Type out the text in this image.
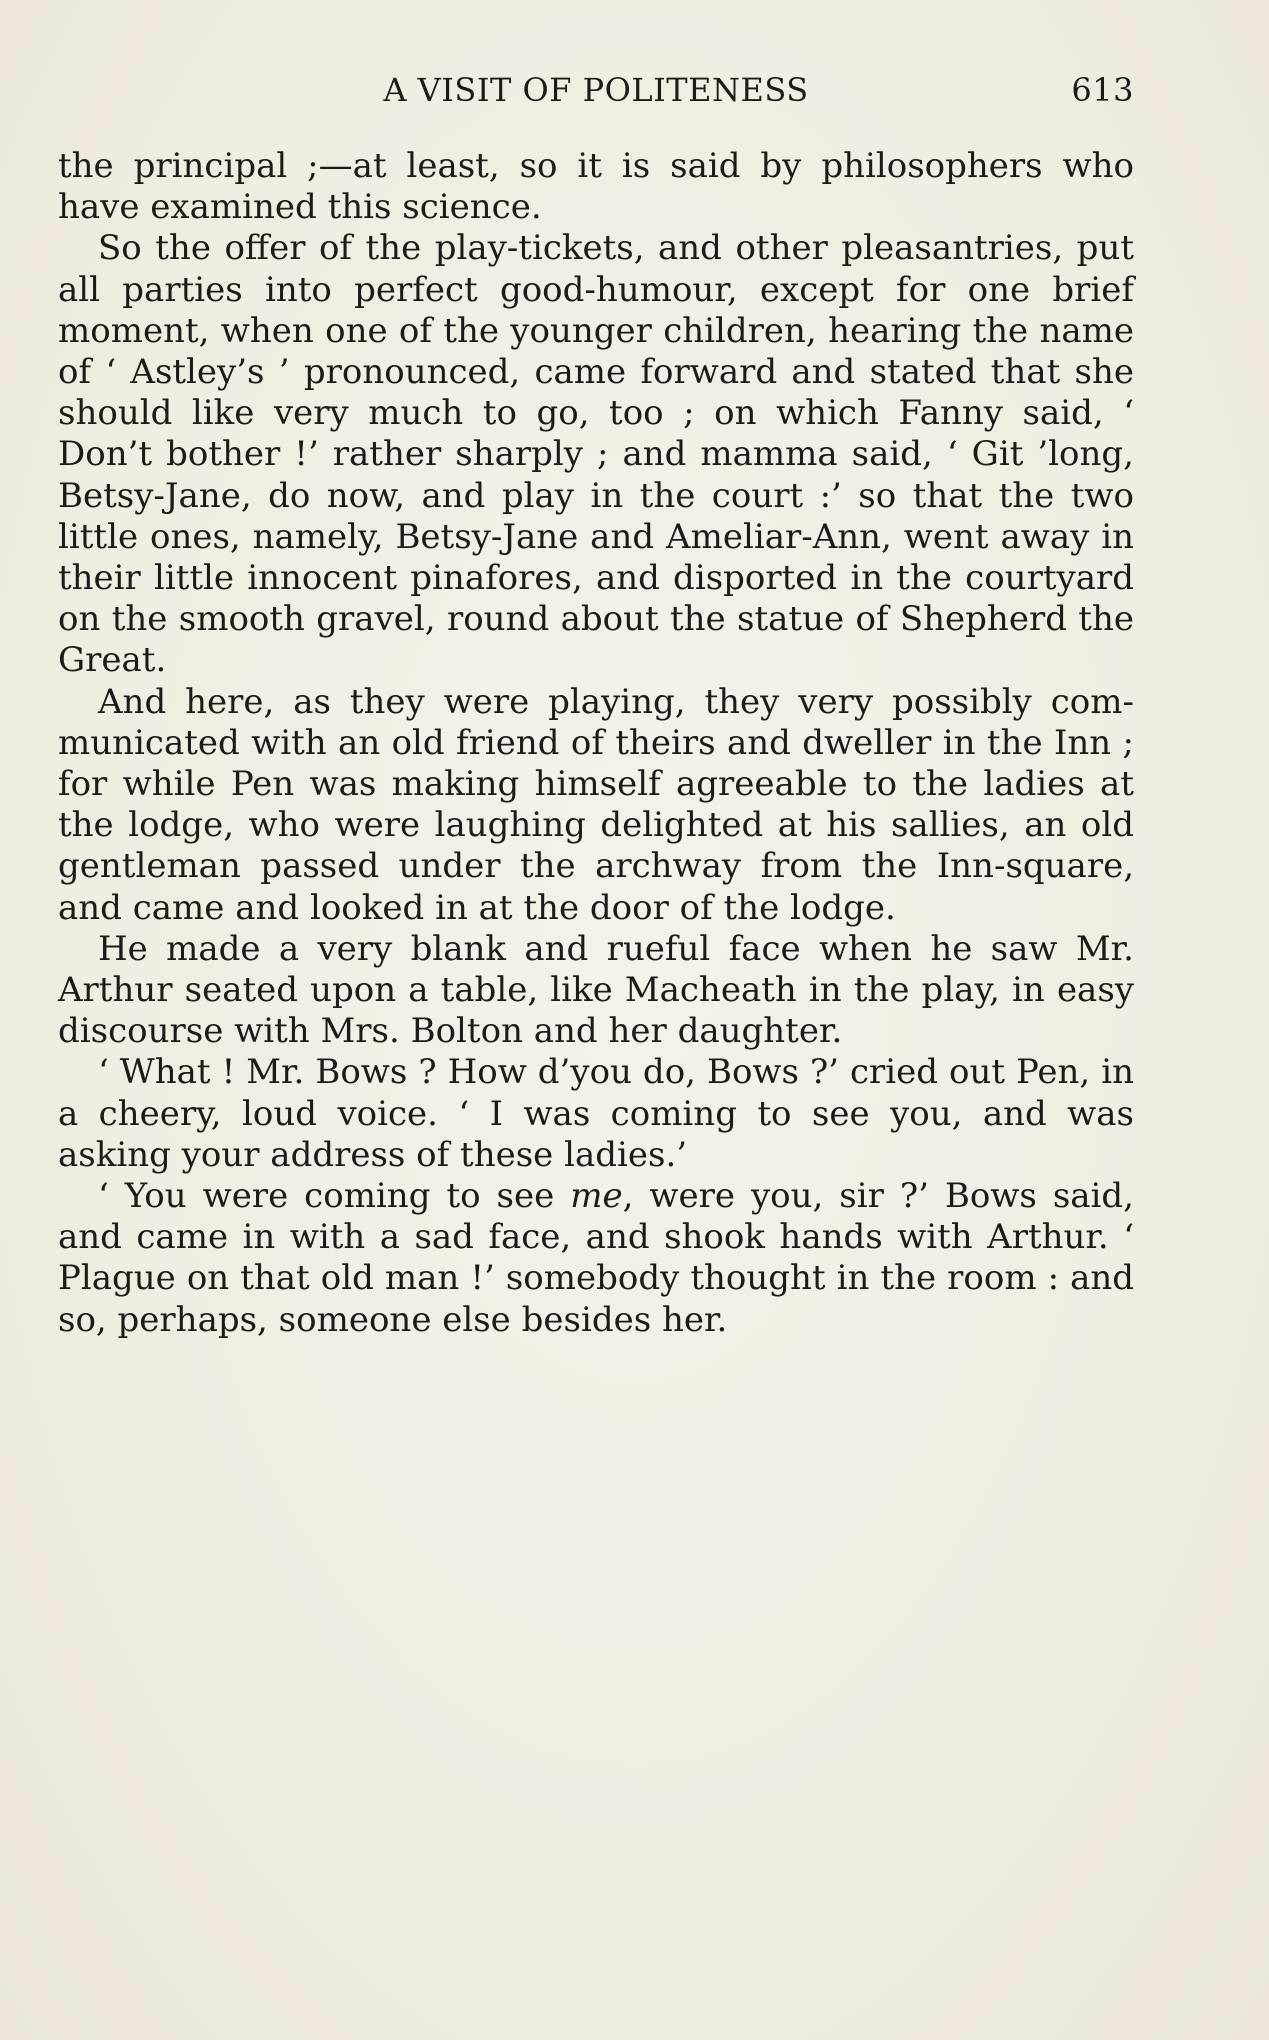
A VISIT OF POLITENESS	613

the principal ;—at least, so it is said by philosophers who have examined this science.

So the offer of the play-tickets, and other pleasantries, put all parties into perfect good-humour, except for one brief moment, when one of the younger children, hearing the name of ‘ Astley’s ’ pronounced, came forward and stated that she should like very much to go, too ; on which Fanny said, ‘ Don’t bother !’ rather sharply ; and mamma said, ‘ Git ’long, Betsy-Jane, do now, and play in the court :’ so that the two little ones, namely, Betsy-Jane and Ameliar-Ann, went away in their little innocent pinafores, and disported in the courtyard on the smooth gravel, round about the statue of Shepherd the Great.

And here, as they were playing, they very possibly communicated with an old friend of theirs and dweller in the Inn ; for while Pen was making himself agreeable to the ladies at the lodge, who were laughing delighted at his sallies, an old gentleman passed under the archway from the Inn-square, and came and looked in at the door of the lodge.

He made a very blank and rueful face when he saw Mr. Arthur seated upon a table, like Macheath in the play, in easy discourse with Mrs. Bolton and her daughter.

‘ What ! Mr. Bows ? How d’you do, Bows ?’ cried out Pen, in a cheery, loud voice. ‘ I was coming to see you, and was asking your address of these ladies.’

‘ You were coming to see me, were you, sir ?’ Bows said, and came in with a sad face, and shook hands with Arthur. ‘ Plague on that old man !’ somebody thought in the room : and so, perhaps, someone else besides her.
